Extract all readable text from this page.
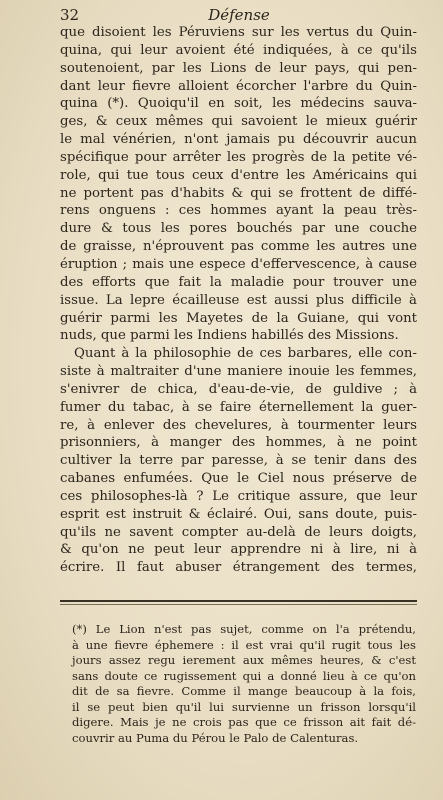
32	Défense
que disoient les Péruviens sur les vertus du Quin-
quina, qui leur avoient été indiquées, à ce qu'ils
soutenoient, par les Lions de leur pays, qui pen-
dant leur fievre alloient écorcher l'arbre du Quin-
quina (*). Quoiqu'il en soit, les médecins sauva-
ges, & ceux mêmes qui savoient le mieux guérir
le mal vénérien, n'ont jamais pu découvrir aucun
spécifique pour arrêter les progrès de la petite vé-
role, qui tue tous ceux d'entre les Américains qui
ne portent pas d'habits & qui se frottent de diffé-
rens onguens : ces hommes ayant la peau très-
dure & tous les pores bouchés par une couche
de graisse, n'éprouvent pas comme les autres une
éruption ; mais une espece d'effervescence, à cause
des efforts que fait la maladie pour trouver une
issue. La lepre écailleuse est aussi plus difficile à
guérir parmi les Mayetes de la Guiane, qui vont
nuds, que parmi les Indiens habillés des Missions.
Quant à la philosophie de ces barbares, elle con-
siste à maltraiter d'une maniere inouie les femmes,
s'enivrer de chica, d'eau-de-vie, de guldive ; à
fumer du tabac, à se faire éternellement la guer-
re, à enlever des chevelures, à tourmenter leurs
prisonniers, à manger des hommes, à ne point
cultiver la terre par paresse, à se tenir dans des
cabanes enfumées. Que le Ciel nous préserve de
ces philosophes-là ? Le critique assure, que leur
esprit est instruit & éclairé. Oui, sans doute, puis-
qu'ils ne savent compter au-delà de leurs doigts,
& qu'on ne peut leur apprendre ni à lire, ni à
écrire. Il faut abuser étrangement des termes,
(*) Le Lion n'est pas sujet, comme on l'a prétendu,
à une fievre éphemere : il est vrai qu'il rugit tous les
jours assez regu ierement aux mêmes heures, & c'est
sans doute ce rugissement qui a donné lieu à ce qu'on
dit de sa fievre. Comme il mange beaucoup à la fois,
il se peut bien qu'il lui survienne un frisson lorsqu'il
digere. Mais je ne crois pas que ce frisson ait fait dé-
couvrir au Puma du Pérou le Palo de Calenturas.
